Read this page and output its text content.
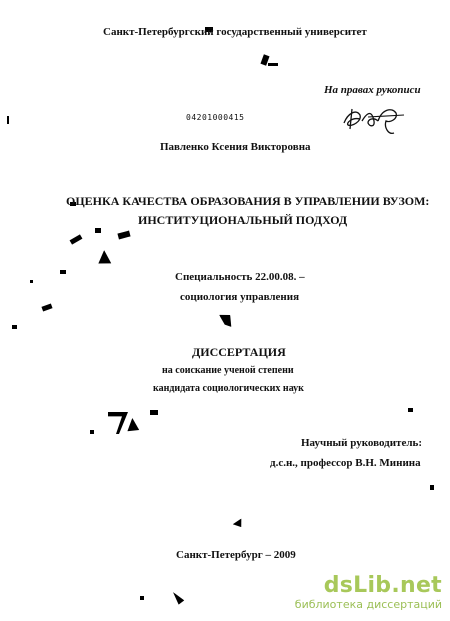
Санкт-Петербургский государственный университет
На правах рукописи
04201000415
Павленко Ксения Викторовна
ОЦЕНКА КАЧЕСТВА ОБРАЗОВАНИЯ В УПРАВЛЕНИИ ВУЗОМ:
ИНСТИТУЦИОНАЛЬНЫЙ ПОДХОД
Специальность 22.00.08. –
социология управления
ДИССЕРТАЦИЯ
на соискание ученой степени
кандидата социологических наук
Научный руководитель:
д.с.н., профессор В.Н. Минина
Санкт-Петербург – 2009
dsLib.net
библиотека диссертаций
